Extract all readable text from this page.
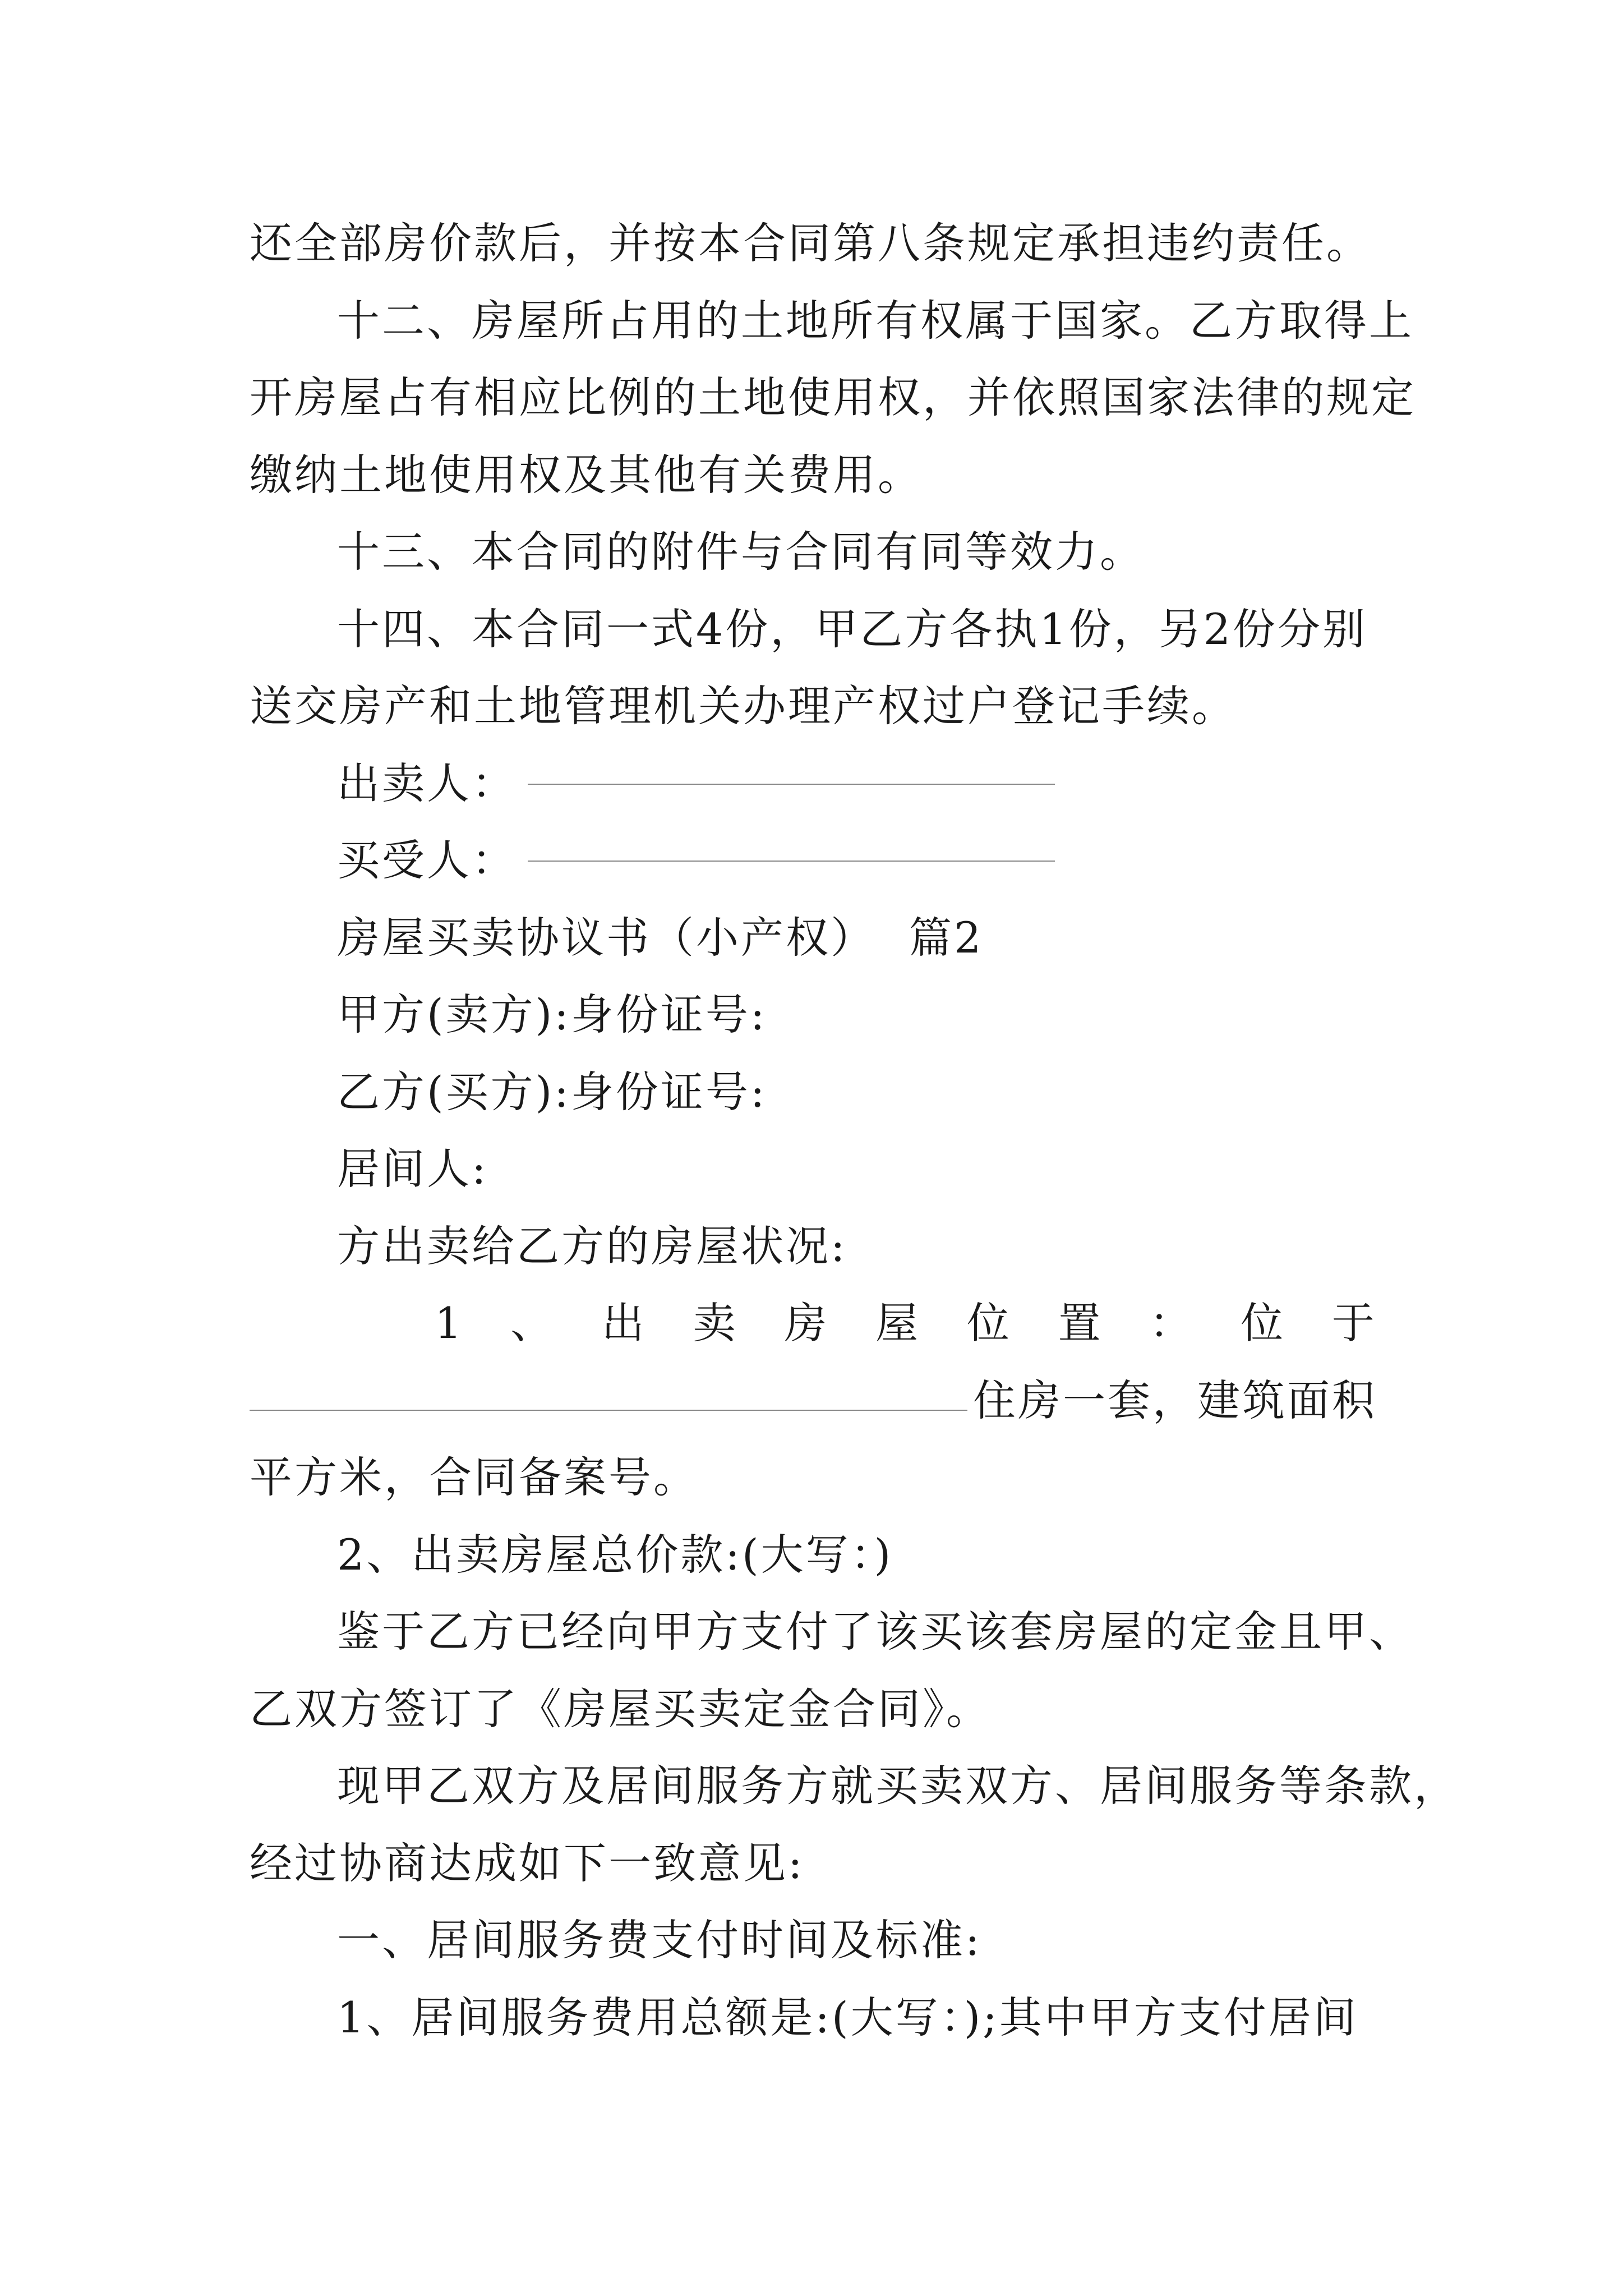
还全部房价款后，并按本合同第八条规定承担违约责任。
十二、房屋所占用的土地所有权属于国家。乙方取得上
开房屋占有相应比例的土地使用权，并依照国家法律的规定
缴纳土地使用权及其他有关费用。
十三、本合同的附件与合同有同等效力。
十四、本合同一式4份，甲乙方各执1份，另2份分别
送交房产和土地管理机关办理产权过户登记手续。
出卖人：
买受人：
房屋买卖协议书（小产权） 篇2
甲方(卖方):身份证号:
乙方(买方):身份证号:
居间人:
方出卖给乙方的房屋状况:
1 、 出 卖 房 屋 位 置 ： 位 于
住房一套，建筑面积
平方米，合同备案号。
2、出卖房屋总价款:(大写：)
鉴于乙方已经向甲方支付了该买该套房屋的定金且甲、
乙双方签订了《房屋买卖定金合同》。
现甲乙双方及居间服务方就买卖双方、居间服务等条款，
经过协商达成如下一致意见:
一、居间服务费支付时间及标准:
1、居间服务费用总额是:(大写：);其中甲方支付居间
